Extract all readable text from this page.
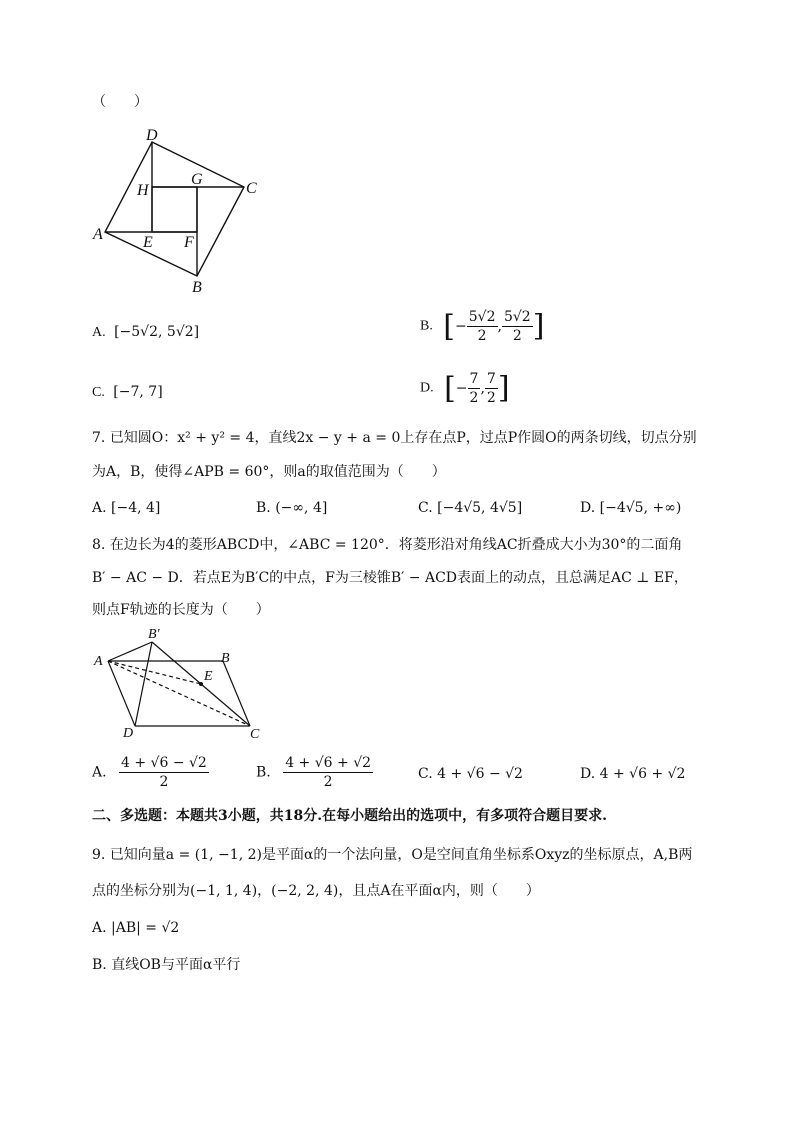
（　　）
D
C
A
B
G
H
E F
A. [−5√2, 5√2]	B. [− $\frac{5√2}{2}$ , $\frac{5√2}{2}$ ]
C. [−7, 7]	D. [− $\frac{7}{2}$ , $\frac{7}{2}$ ]
7. 已知圆O：x² + y² = 4，直线2x − y + a = 0上存在点P，过点P作圆O的两条切线，切点分别
为A，B，使得∠APB = 60°，则a的取值范围为（　　）
A. [−4, 4]	B. (−∞, 4]	C. [−4√5, 4√5]	D. [−4√5, +∞)
8. 在边长为4的菱形ABCD中，∠ABC = 120°．将菱形沿对角线AC折叠成大小为30°的二面角
B′ − AC − D．若点E为B′C的中点，F为三棱锥B′ − ACD表面上的动点，且总满足AC ⊥ EF，
则点F轨迹的长度为（　　）
A
B′
B
E
D	C
A. $\frac{4 + √6 - √2}{2}$	B. $\frac{4 + √6 + √2}{2}$	C. 4 + √6 − √2	D. 4 + √6 + √2
二、多选题：本题共3小题，共18分.在每小题给出的选项中，有多项符合题目要求.
9. 已知向量a = (1, −1, 2)是平面α的一个法向量，O是空间直角坐标系Oxyz的坐标原点，A,B两
点的坐标分别为(−1, 1, 4)，(−2, 2, 4)，且点A在平面α内，则（　　）
A. |AB| = √2
B. 直线OB与平面α平行
